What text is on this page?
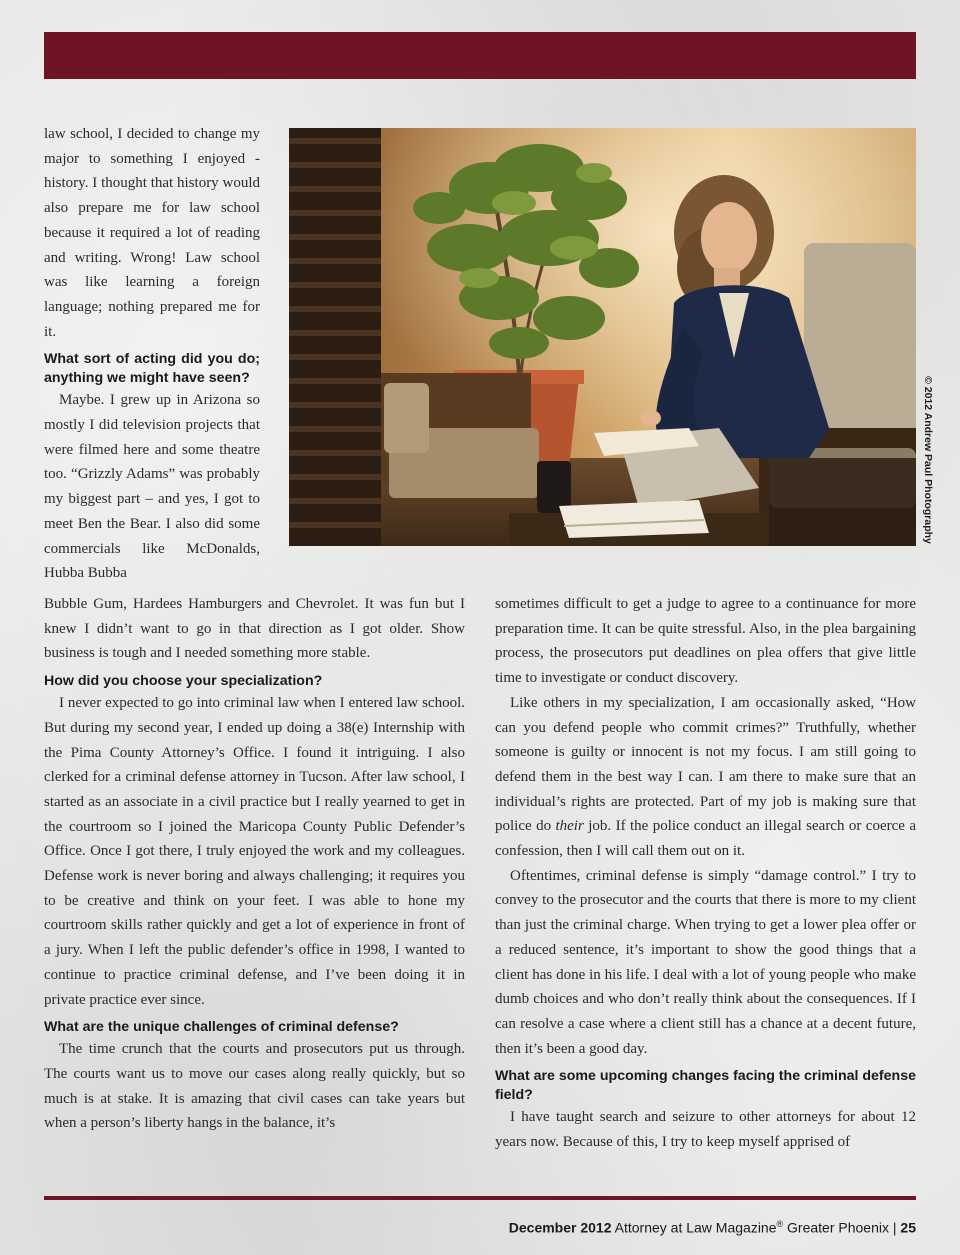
© 2012 Andrew Paul Photography

law school, I decided to change my major to something I enjoyed - history. I thought that history would also prepare me for law school because it required a lot of reading and writing. Wrong! Law school was like learning a foreign language; nothing prepared me for it.

What sort of acting did you do; anything we might have seen?

Maybe. I grew up in Arizona so mostly I did television projects that were filmed here and some theatre too. “Grizzly Adams” was probably my biggest part – and yes, I got to meet Ben the Bear. I also did some commercials like McDonalds, Hubba Bubba

Bubble Gum, Hardees Hamburgers and Chevrolet. It was fun but I knew I didn’t want to go in that direction as I got older. Show business is tough and I needed something more stable.

How did you choose your specialization?

I never expected to go into criminal law when I entered law school. But during my second year, I ended up doing a 38(e) Internship with the Pima County Attorney’s Office. I found it intriguing. I also clerked for a criminal defense attorney in Tucson. After law school, I started as an associate in a civil practice but I really yearned to get in the courtroom so I joined the Maricopa County Public Defender’s Office. Once I got there, I truly enjoyed the work and my colleagues. Defense work is never boring and always challenging; it requires you to be creative and think on your feet. I was able to hone my courtroom skills rather quickly and get a lot of experience in front of a jury. When I left the public defender’s office in 1998, I wanted to continue to practice criminal defense, and I’ve been doing it in private practice ever since.

What are the unique challenges of criminal defense?

The time crunch that the courts and prosecutors put us through. The courts want us to move our cases along really quickly, but so much is at stake. It is amazing that civil cases can take years but when a person’s liberty hangs in the balance, it’s

sometimes difficult to get a judge to agree to a continuance for more preparation time. It can be quite stressful. Also, in the plea bargaining process, the prosecutors put deadlines on plea offers that give little time to investigate or conduct discovery.

Like others in my specialization, I am occasionally asked, “How can you defend people who commit crimes?” Truthfully, whether someone is guilty or innocent is not my focus. I am still going to defend them in the best way I can. I am there to make sure that an individual’s rights are protected. Part of my job is making sure that police do their job. If the police conduct an illegal search or coerce a confession, then I will call them out on it.

Oftentimes, criminal defense is simply “damage control.” I try to convey to the prosecutor and the courts that there is more to my client than just the criminal charge. When trying to get a lower plea offer or a reduced sentence, it’s important to show the good things that a client has done in his life. I deal with a lot of young people who make dumb choices and who don’t really think about the consequences. If I can resolve a case where a client still has a chance at a decent future, then it’s been a good day.

What are some upcoming changes facing the criminal defense field?

I have taught search and seizure to other attorneys for about 12 years now. Because of this, I try to keep myself apprised of

December 2012 Attorney at Law Magazine® Greater Phoenix | 25
